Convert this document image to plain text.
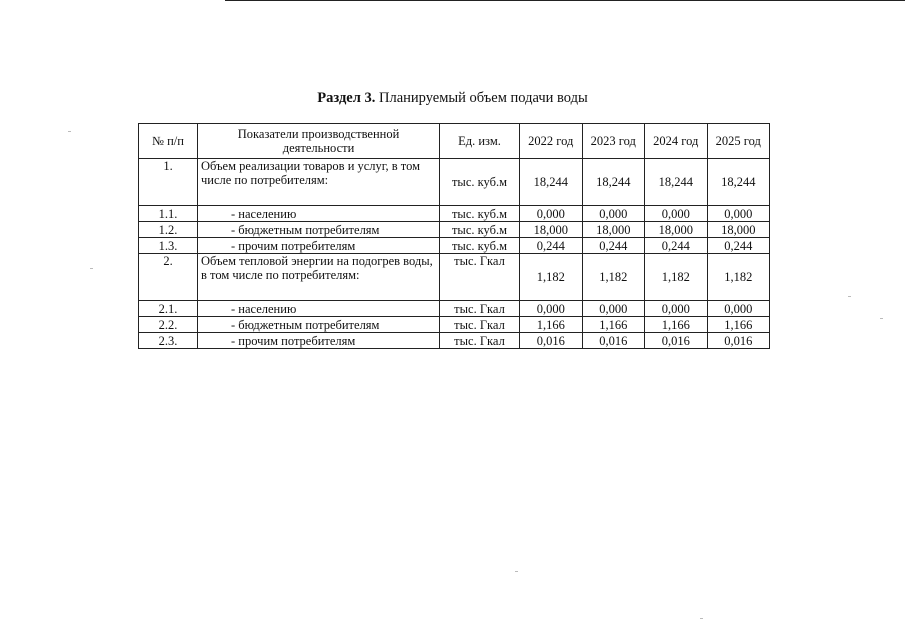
Раздел 3. Планируемый объем подачи воды
№ п/п	Показатели производственной деятельности	Ед. изм.	2022 год	2023 год	2024 год	2025 год
1.	Объем реализации товаров и услуг, в том числе по потребителям:	тыс. куб.м	18,244	18,244	18,244	18,244
1.1.	- населению	тыс. куб.м	0,000	0,000	0,000	0,000
1.2.	- бюджетным потребителям	тыс. куб.м	18,000	18,000	18,000	18,000
1.3.	- прочим потребителям	тыс. куб.м	0,244	0,244	0,244	0,244
2.	Объем тепловой энергии на подогрев воды, в том числе по потребителям:	тыс. Гкал	1,182	1,182	1,182	1,182
2.1.	- населению	тыс. Гкал	0,000	0,000	0,000	0,000
2.2.	- бюджетным потребителям	тыс. Гкал	1,166	1,166	1,166	1,166
2.3.	- прочим потребителям	тыс. Гкал	0,016	0,016	0,016	0,016
